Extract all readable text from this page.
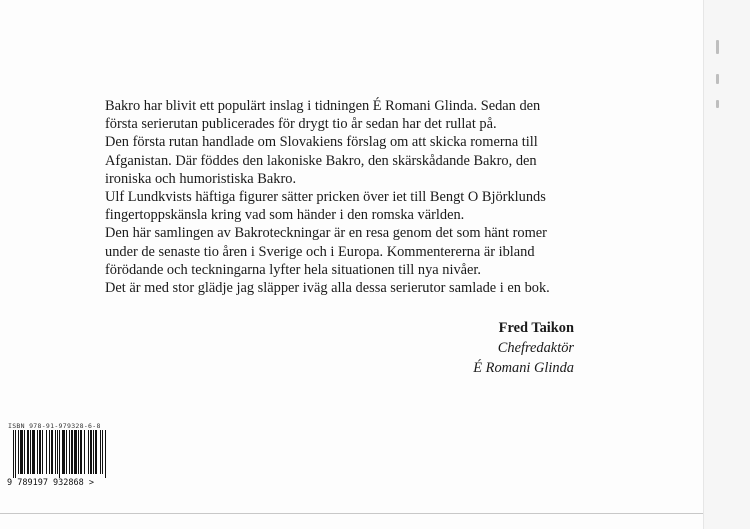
Bakro har blivit ett populärt inslag i tidningen É Romani Glinda. Sedan den

första serierutan publicerades för drygt tio år sedan har det rullat på.

Den första rutan handlade om Slovakiens förslag om att skicka romerna till

Afganistan. Där föddes den lakoniske Bakro, den skärskådande Bakro, den

ironiska och humoristiska Bakro.

Ulf Lundkvists häftiga figurer sätter pricken över iet till Bengt O Björklunds

fingertoppskänsla kring vad som händer i den romska världen.

Den här samlingen av Bakroteckningar är en resa genom det som hänt romer

under de senaste tio åren i Sverige och i Europa. Kommentererna är ibland

förödande och teckningarna lyfter hela situationen till nya nivåer.

Det är med stor glädje jag släpper iväg alla dessa serierutor samlade i en bok.

Fred Taikon
Chefredaktör
É Romani Glinda
ISBN 978-91-979328-6-8
9 789197 932868 >
